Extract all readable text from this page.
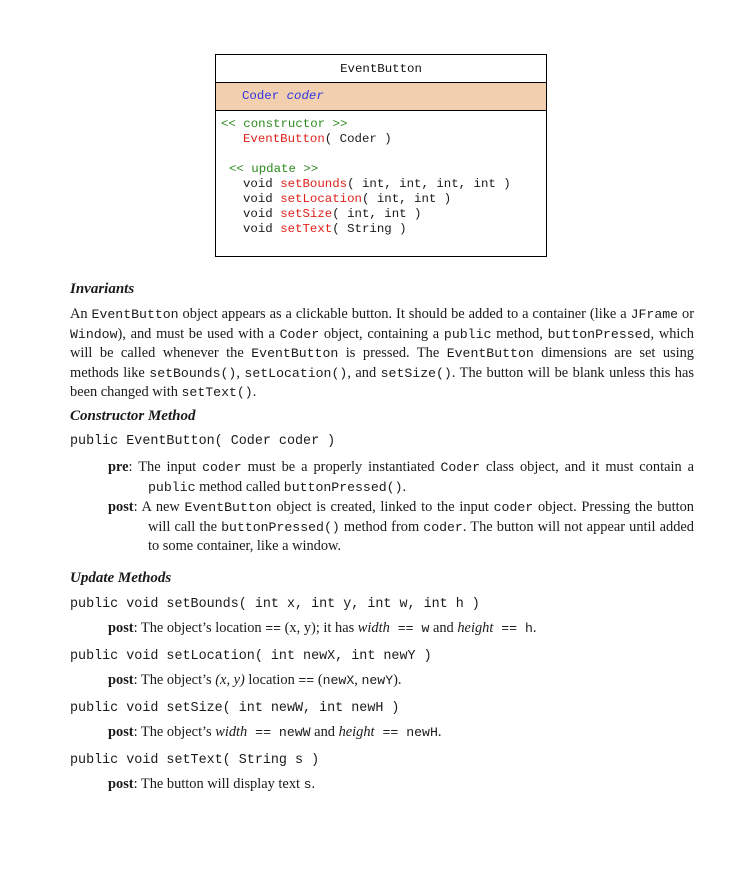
EventButton
Coder coder
<< constructor >>
EventButton( Coder )
<< update >>
void setBounds( int, int, int, int )
void setLocation( int, int )
void setSize( int, int )
void setText( String )
Invariants
An EventButton object appears as a clickable button. It should be added to a container (like a JFrame or Window), and must be used with a Coder object, containing a public method, buttonPressed, which will be called whenever the EventButton is pressed. The EventButton dimensions are set using methods like setBounds(), setLocation(), and setSize(). The button will be blank unless this has been changed with setText().
Constructor Method
public EventButton( Coder coder )
pre: The input coder must be a properly instantiated Coder class object, and it must contain a public method called buttonPressed().
post: A new EventButton object is created, linked to the input coder object. Pressing the button will call the buttonPressed() method from coder. The button will not appear until added to some container, like a window.
Update Methods
public void setBounds( int x, int y, int w, int h )
post: The object’s location == (x, y); it has width == w and height == h.
public void setLocation( int newX, int newY )
post: The object’s (x, y) location == (newX, newY).
public void setSize( int newW, int newH )
post: The object’s width == newW and height == newH.
public void setText( String s )
post: The button will display text s.
